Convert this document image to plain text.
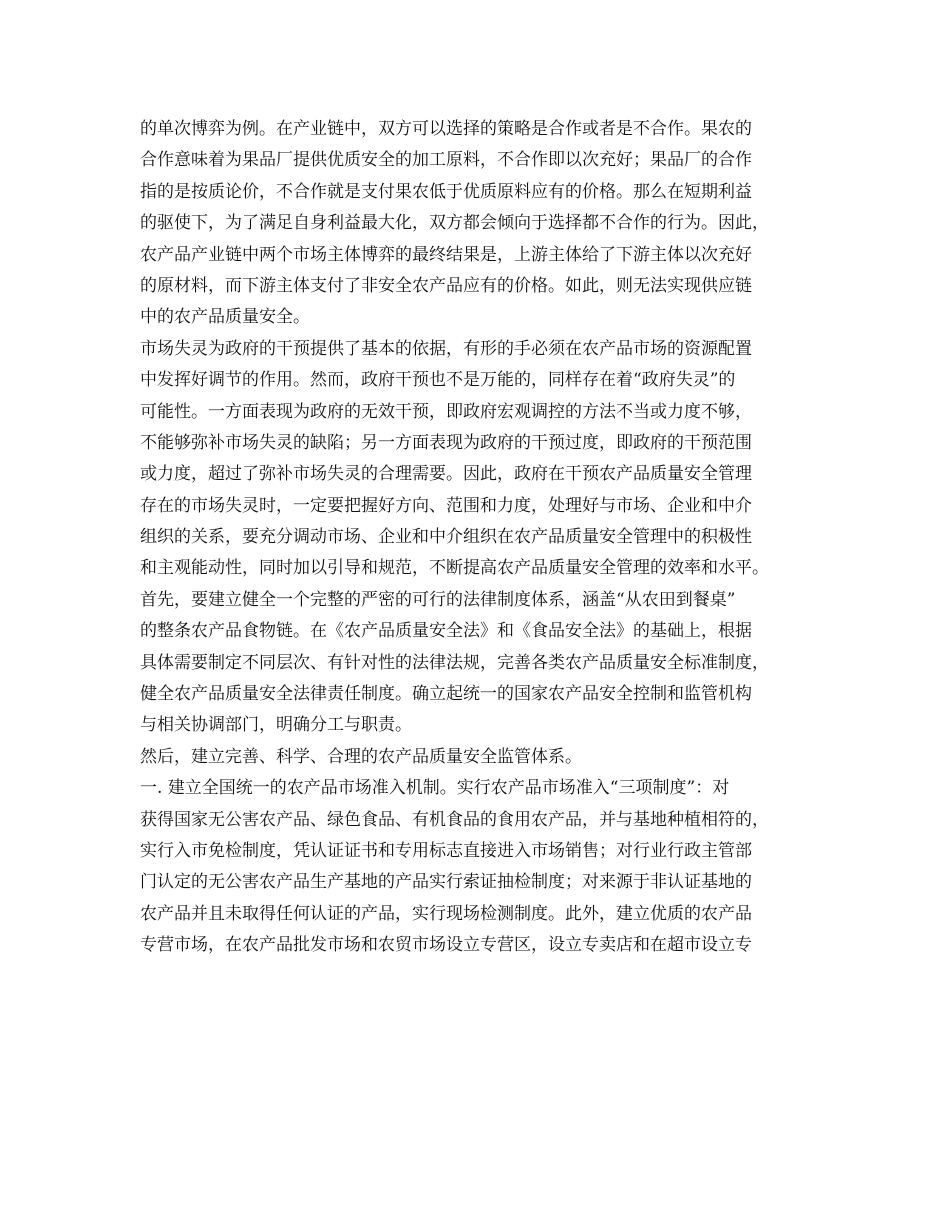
的单次博弈为例。在产业链中，双方可以选择的策略是合作或者是不合作。果农的
合作意味着为果品厂提供优质安全的加工原料，不合作即以次充好；果品厂的合作
指的是按质论价，不合作就是支付果农低于优质原料应有的价格。那么在短期利益
的驱使下，为了满足自身利益最大化，双方都会倾向于选择都不合作的行为。因此，
农产品产业链中两个市场主体博弈的最终结果是，上游主体给了下游主体以次充好
的原材料，而下游主体支付了非安全农产品应有的价格。如此，则无法实现供应链
中的农产品质量安全。
市场失灵为政府的干预提供了基本的依据，有形的手必须在农产品市场的资源配置
中发挥好调节的作用。然而，政府干预也不是万能的，同样存在着“政府失灵”的
可能性。一方面表现为政府的无效干预，即政府宏观调控的方法不当或力度不够，
不能够弥补市场失灵的缺陷；另一方面表现为政府的干预过度，即政府的干预范围
或力度，超过了弥补市场失灵的合理需要。因此，政府在干预农产品质量安全管理
存在的市场失灵时，一定要把握好方向、范围和力度，处理好与市场、企业和中介
组织的关系，要充分调动市场、企业和中介组织在农产品质量安全管理中的积极性
和主观能动性，同时加以引导和规范，不断提高农产品质量安全管理的效率和水平。
首先，要建立健全一个完整的严密的可行的法律制度体系，涵盖“从农田到餐桌”
的整条农产品食物链。在《农产品质量安全法》和《食品安全法》的基础上，根据
具体需要制定不同层次、有针对性的法律法规，完善各类农产品质量安全标准制度，
健全农产品质量安全法律责任制度。确立起统一的国家农产品安全控制和监管机构
与相关协调部门，明确分工与职责。
然后，建立完善、科学、合理的农产品质量安全监管体系。
一. 建立全国统一的农产品市场准入机制。实行农产品市场准入“三项制度”：对
获得国家无公害农产品、绿色食品、有机食品的食用农产品，并与基地种植相符的，
实行入市免检制度，凭认证证书和专用标志直接进入市场销售；对行业行政主管部
门认定的无公害农产品生产基地的产品实行索证抽检制度；对来源于非认证基地的
农产品并且未取得任何认证的产品，实行现场检测制度。此外，建立优质的农产品
专营市场，在农产品批发市场和农贸市场设立专营区，设立专卖店和在超市设立专
